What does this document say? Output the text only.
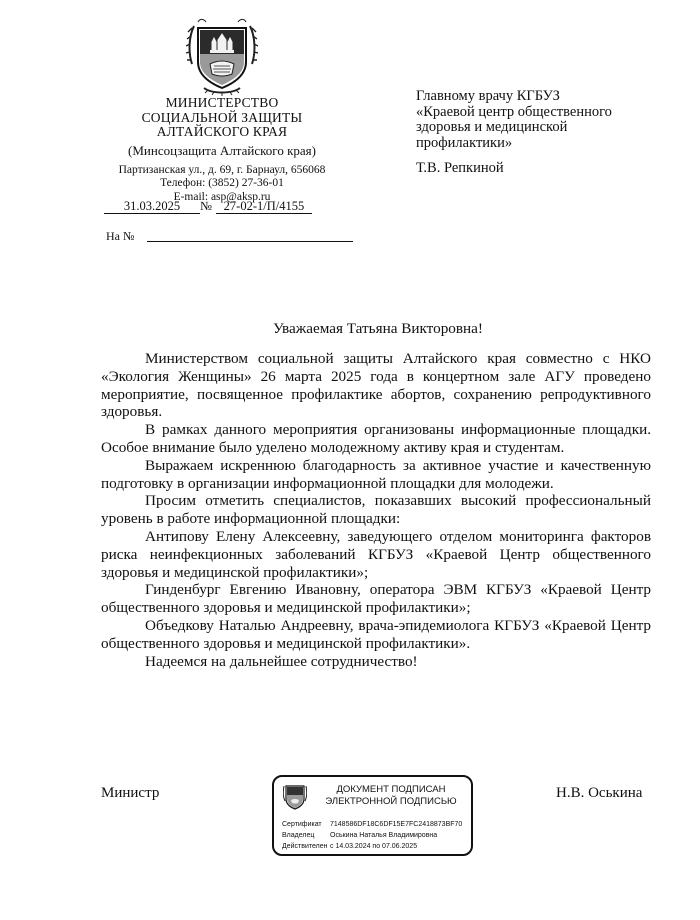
МИНИСТЕРСТВО
СОЦИАЛЬНОЙ ЗАЩИТЫ
АЛТАЙСКОГО КРАЯ
(Минсоцзащита Алтайского края)
Партизанская ул., д. 69, г. Барнаул, 656068
Телефон: (3852) 27-36-01
E-mail: asp@aksp.ru
31.03.2025 № 27-02-1/П/4155
На №
Главному врачу КГБУЗ
«Краевой центр общественного
здоровья и медицинской
профилактики»
Т.В. Репкиной
Уважаемая Татьяна Викторовна!

Министерством социальной защиты Алтайского края совместно с НКО «Экология Женщины» 26 марта 2025 года в концертном зале АГУ проведено мероприятие, посвященное профилактике абортов, сохранению репродуктивного здоровья.

В рамках данного мероприятия организованы информационные площадки. Особое внимание было уделено молодежному активу края и студентам.

Выражаем искреннюю благодарность за активное участие и качественную подготовку в организации информационной площадки для молодежи.

Просим отметить специалистов, показавших высокий профессиональный уровень в работе информационной площадки:

Антипову Елену Алексеевну, заведующего отделом мониторинга факторов риска неинфекционных заболеваний КГБУЗ «Краевой Центр общественного здоровья и медицинской профилактики»;

Гинденбург Евгению Ивановну, оператора ЭВМ КГБУЗ «Краевой Центр общественного здоровья и медицинской профилактики»;

Объедкову Наталью Андреевну, врача-эпидемиолога КГБУЗ «Краевой Центр общественного здоровья и медицинской профилактики».

Надеемся на дальнейшее сотрудничество!

Министр	Н.В. Оськина
ДОКУМЕНТ ПОДПИСАН
ЭЛЕКТРОННОЙ ПОДПИСЬЮ
Сертификат 7148586DF18C6DF15E7FC2418873BF70
Владелец Оськина Наталья Владимировна
Действителен с 14.03.2024 по 07.06.2025
